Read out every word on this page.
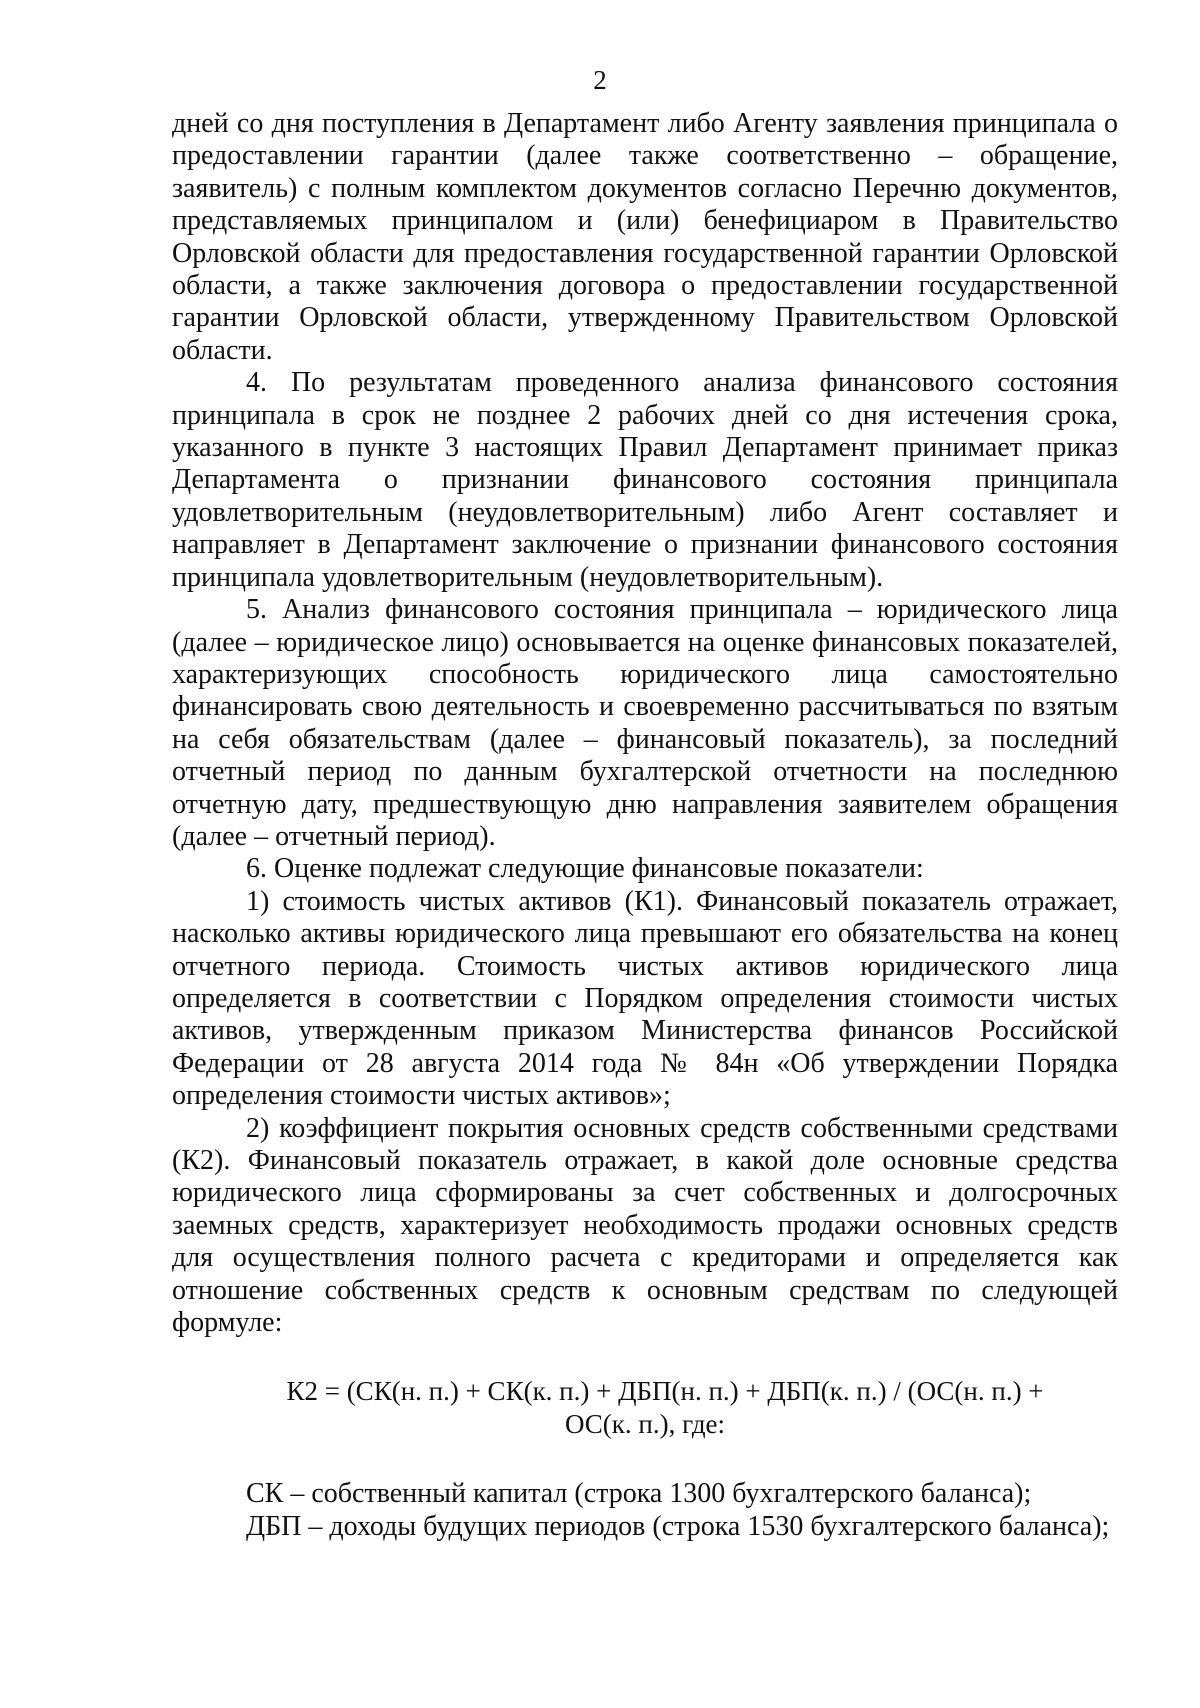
2

дней со дня поступления в Департамент либо Агенту заявления принципала о предоставлении гарантии (далее также соответственно – обращение, заявитель) с полным комплектом документов согласно Перечню документов, представляемых принципалом и (или) бенефициаром в Правительство Орловской области для предоставления государственной гарантии Орловской области, а также заключения договора о предоставлении государственной гарантии Орловской области, утвержденному Правительством Орловской области.

4. По результатам проведенного анализа финансового состояния принципала в срок не позднее 2 рабочих дней со дня истечения срока, указанного в пункте 3 настоящих Правил Департамент принимает приказ Департамента о признании финансового состояния принципала удовлетворительным (неудовлетворительным) либо Агент составляет и направляет в Департамент заключение о признании финансового состояния принципала удовлетворительным (неудовлетворительным).

5. Анализ финансового состояния принципала – юридического лица (далее – юридическое лицо) основывается на оценке финансовых показателей, характеризующих способность юридического лица самостоятельно финансировать свою деятельность и своевременно рассчитываться по взятым на себя обязательствам (далее – финансовый показатель), за последний отчетный период по данным бухгалтерской отчетности на последнюю отчетную дату, предшествующую дню направления заявителем обращения (далее – отчетный период).

6. Оценке подлежат следующие финансовые показатели:

1) стоимость чистых активов (К1). Финансовый показатель отражает, насколько активы юридического лица превышают его обязательства на конец отчетного периода. Стоимость чистых активов юридического лица определяется в соответствии с Порядком определения стоимости чистых активов, утвержденным приказом Министерства финансов Российской Федерации от 28 августа 2014 года № 84н «Об утверждении Порядка определения стоимости чистых активов»;

2) коэффициент покрытия основных средств собственными средствами (К2). Финансовый показатель отражает, в какой доле основные средства юридического лица сформированы за счет собственных и долгосрочных заемных средств, характеризует необходимость продажи основных средств для осуществления полного расчета с кредиторами и определяется как отношение собственных средств к основным средствам по следующей формуле:

К2 = (СК(н. п.) + СК(к. п.) + ДБП(н. п.) + ДБП(к. п.) / (ОС(н. п.) +
ОС(к. п.), где:

СК – собственный капитал (строка 1300 бухгалтерского баланса);

ДБП – доходы будущих периодов (строка 1530 бухгалтерского баланса);
